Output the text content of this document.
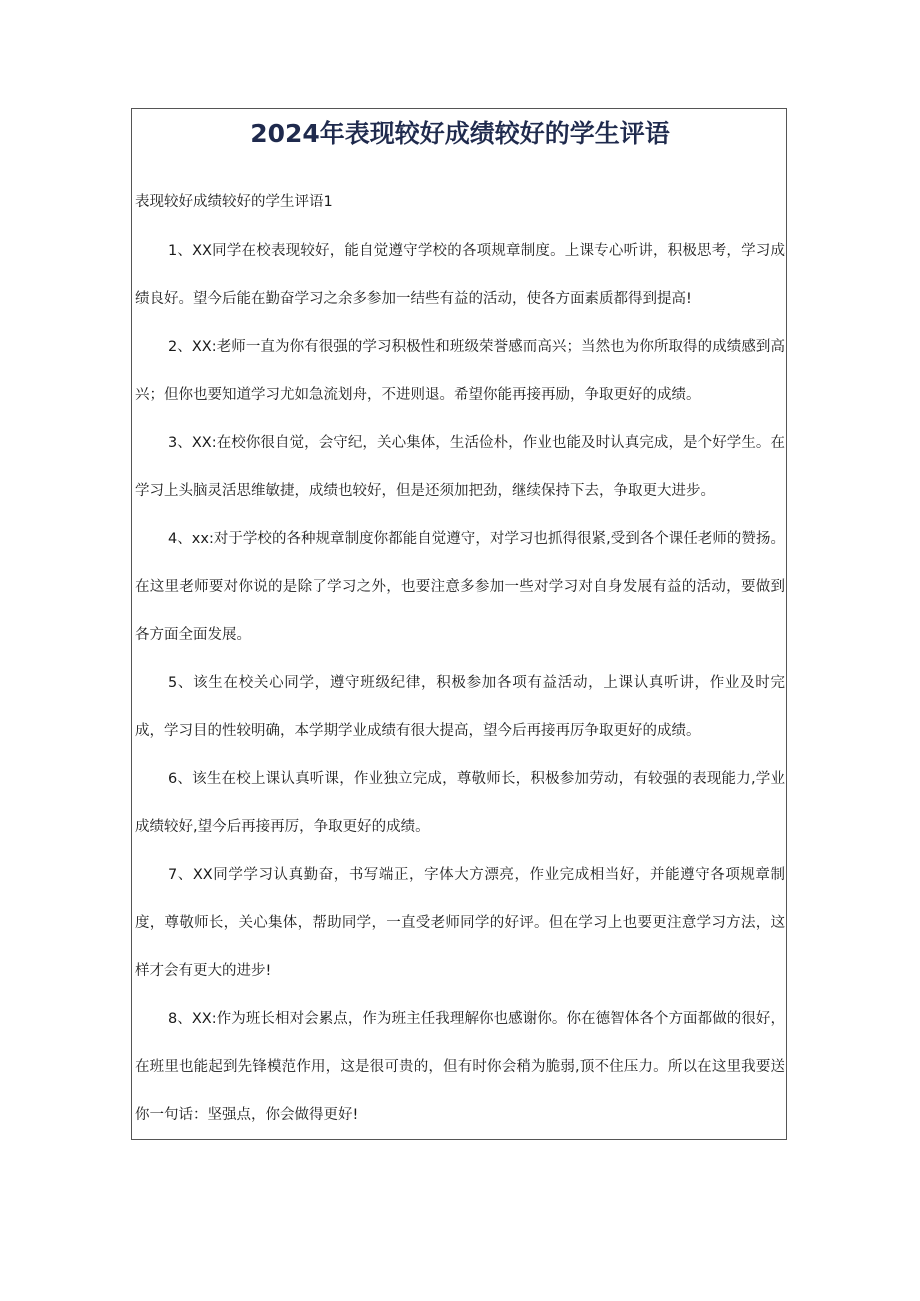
2024年表现较好成绩较好的学生评语

表现较好成绩较好的学生评语1

1、XX同学在校表现较好，能自觉遵守学校的各项规章制度。上课专心听讲，积极思考，学习成绩良好。望今后能在勤奋学习之余多参加一结些有益的活动，使各方面素质都得到提高!

2、XX:老师一直为你有很强的学习积极性和班级荣誉感而高兴；当然也为你所取得的成绩感到高兴；但你也要知道学习尤如急流划舟，不进则退。希望你能再接再励，争取更好的成绩。

3、XX:在校你很自觉，会守纪，关心集体，生活俭朴，作业也能及时认真完成，是个好学生。在学习上头脑灵活思维敏捷，成绩也较好，但是还须加把劲，继续保持下去，争取更大进步。

4、xx:对于学校的各种规章制度你都能自觉遵守，对学习也抓得很紧,受到各个课任老师的赞扬。在这里老师要对你说的是除了学习之外，也要注意多参加一些对学习对自身发展有益的活动，要做到各方面全面发展。

5、该生在校关心同学，遵守班级纪律，积极参加各项有益活动，上课认真听讲，作业及时完成，学习目的性较明确，本学期学业成绩有很大提高，望今后再接再厉争取更好的成绩。

6、该生在校上课认真听课，作业独立完成，尊敬师长，积极参加劳动，有较强的表现能力,学业成绩较好,望今后再接再厉，争取更好的成绩。

7、XX同学学习认真勤奋，书写端正，字体大方漂亮，作业完成相当好，并能遵守各项规章制度，尊敬师长，关心集体，帮助同学，一直受老师同学的好评。但在学习上也要更注意学习方法，这样才会有更大的进步!

8、XX:作为班长相对会累点，作为班主任我理解你也感谢你。你在德智体各个方面都做的很好，在班里也能起到先锋模范作用，这是很可贵的，但有时你会稍为脆弱,顶不住压力。所以在这里我要送你一句话：坚强点，你会做得更好!
